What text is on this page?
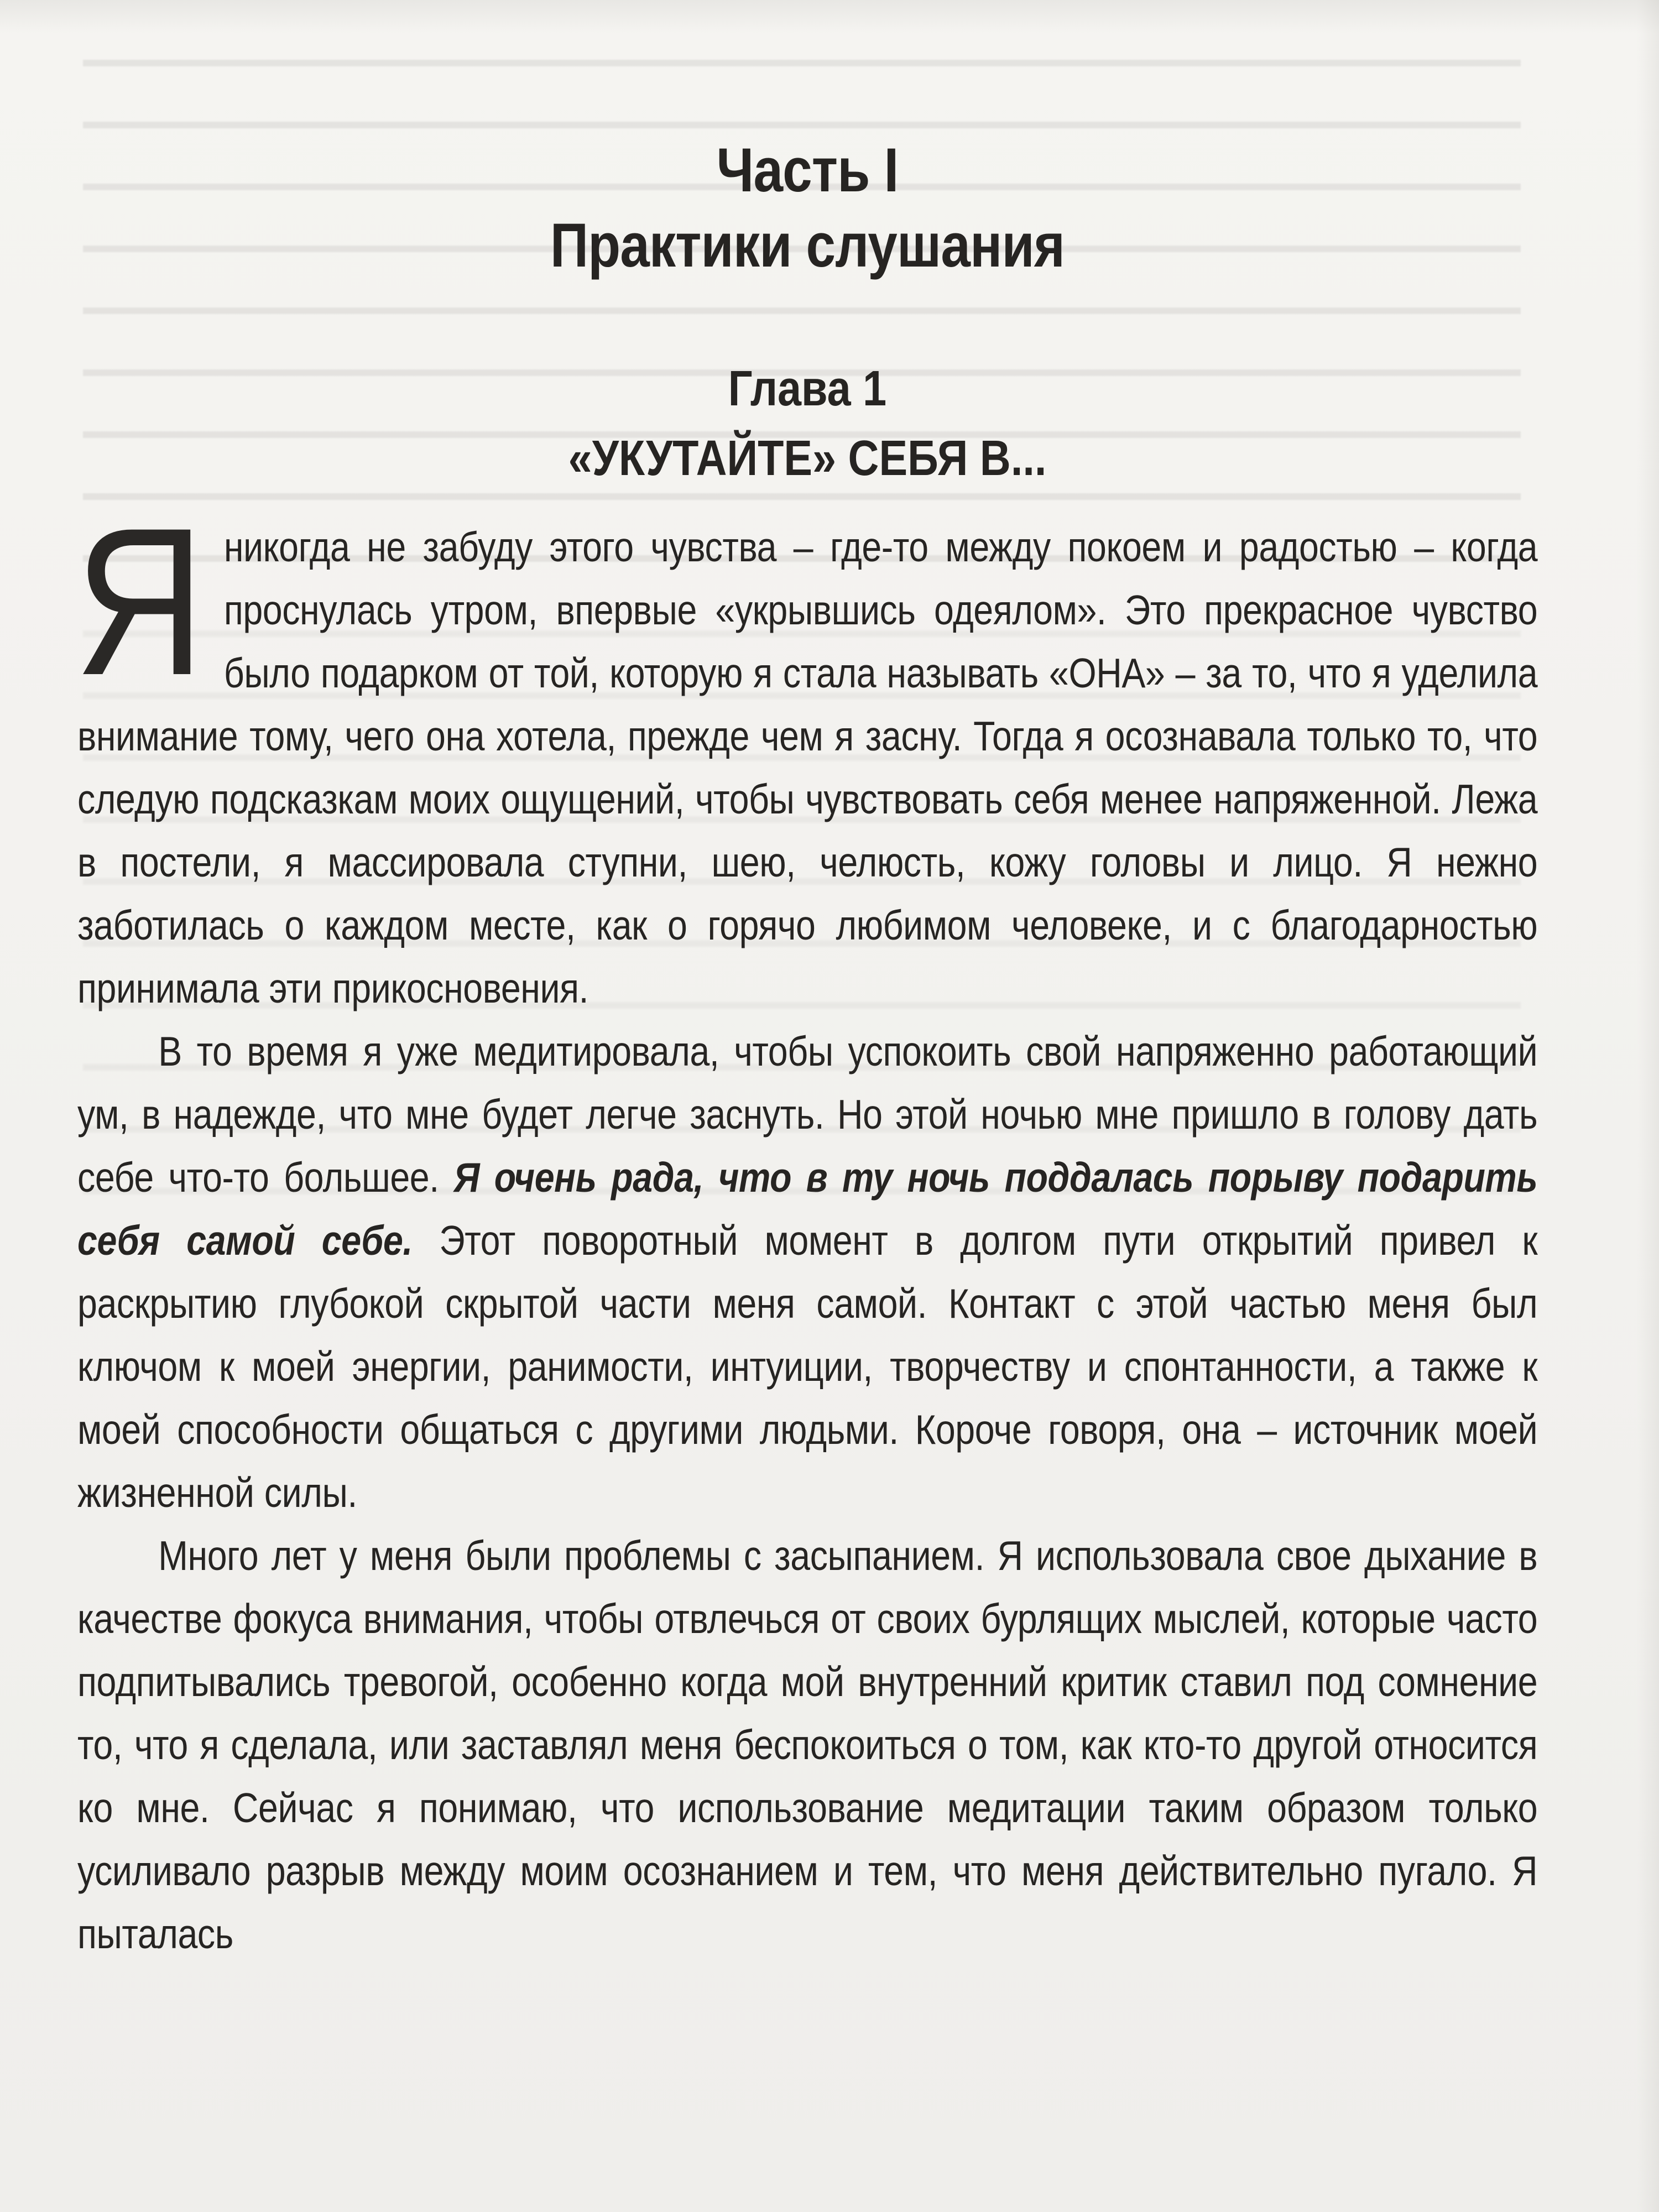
Часть I
Практики слушания
Глава 1
«УКУТАЙТЕ» СЕБЯ В...

Я никогда не забуду этого чувства – где-то между покоем и радостью – когда проснулась утром, впервые «укрывшись одеялом». Это прекрасное чувство было подарком от той, которую я стала называть «ОНА» – за то, что я уделила внимание тому, чего она хотела, прежде чем я засну. Тогда я осознавала только то, что следую подсказкам моих ощущений, чтобы чувствовать себя менее напряженной. Лежа в постели, я массировала ступни, шею, челюсть, кожу головы и лицо. Я нежно заботилась о каждом месте, как о горячо любимом человеке, и с благодарностью принимала эти прикосновения.

В то время я уже медитировала, чтобы успокоить свой напряженно работающий ум, в надежде, что мне будет легче заснуть. Но этой ночью мне пришло в голову дать себе что-то большее. Я очень рада, что в ту ночь поддалась порыву подарить себя самой себе. Этот поворотный момент в долгом пути открытий привел к раскрытию глубокой скрытой части меня самой. Контакт с этой частью меня был ключом к моей энергии, ранимости, интуиции, творчеству и спонтанности, а также к моей способности общаться с другими людьми. Короче говоря, она – источник моей жизненной силы.

Много лет у меня были проблемы с засыпанием. Я использовала свое дыхание в качестве фокуса внимания, чтобы отвлечься от своих бурлящих мыслей, которые часто подпитывались тревогой, особенно когда мой внутренний критик ставил под сомнение то, что я сделала, или заставлял меня беспокоиться о том, как кто-то другой относится ко мне. Сейчас я понимаю, что использование медитации таким образом только усиливало разрыв между моим осознанием и тем, что меня действительно пугало. Я пыталась
